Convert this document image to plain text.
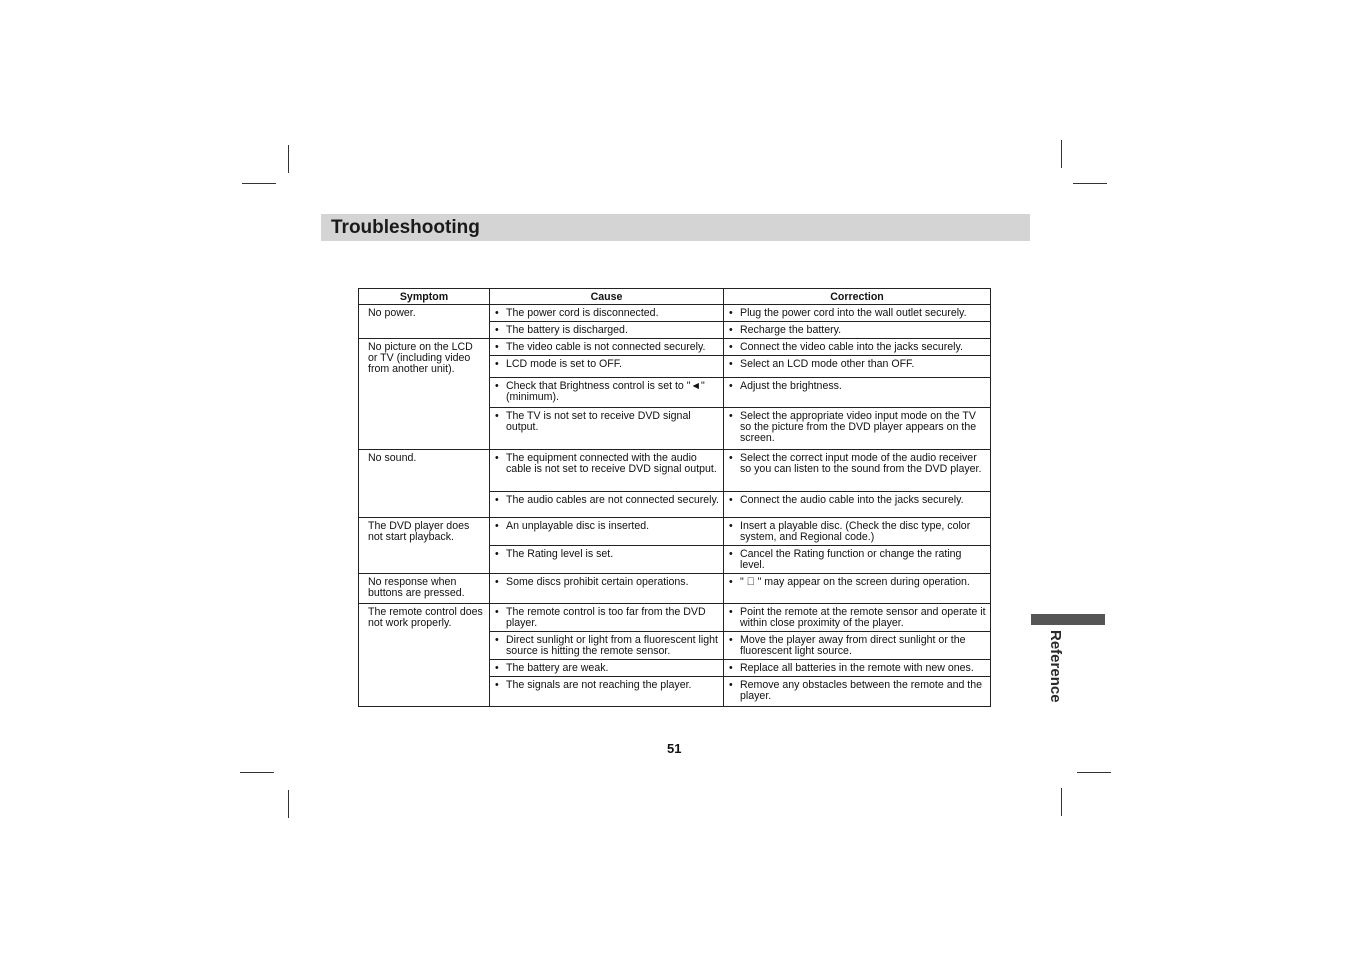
Troubleshooting
Symptom	Cause	Correction
No power.	• The power cord is disconnected.	• Plug the power cord into the wall outlet securely.

	• The battery is discharged.	• Recharge the battery.

No picture on the LCD or TV (including video from another unit).	• The video cable is not connected securely.	• Connect the video cable into the jacks securely.

	• LCD mode is set to OFF.	• Select an LCD mode other than OFF.

	• Check that Brightness control is set to "◄" (minimum).	• Adjust the brightness.

	• The TV is not set to receive DVD signal output.	• Select the appropriate video input mode on the TV so the picture from the DVD player appears on the screen.

No sound.	• The equipment connected with the audio cable is not set to receive DVD signal output.	• Select the correct input mode of the audio receiver so you can listen to the sound from the DVD player.

	• The audio cables are not connected securely.	• Connect the audio cable into the jacks securely.

The DVD player does not start playback.	• An unplayable disc is inserted.	• Insert a playable disc. (Check the disc type, color system, and Regional code.)

	• The Rating level is set.	• Cancel the Rating function or change the rating level.

No response when buttons are pressed.	• Some discs prohibit certain operations.	• " ⃠ " may appear on the screen during operation.

The remote control does not work properly.	• The remote control is too far from the DVD player.	• Point the remote at the remote sensor and operate it within close proximity of the player.

	• Direct sunlight or light from a fluorescent light source is hitting the remote sensor.	• Move the player away from direct sunlight or the fluorescent light source.

	• The battery are weak.	• Replace all batteries in the remote with new ones.

	• The signals are not reaching the player.	• Remove any obstacles between the remote and the player.	Reference
51
